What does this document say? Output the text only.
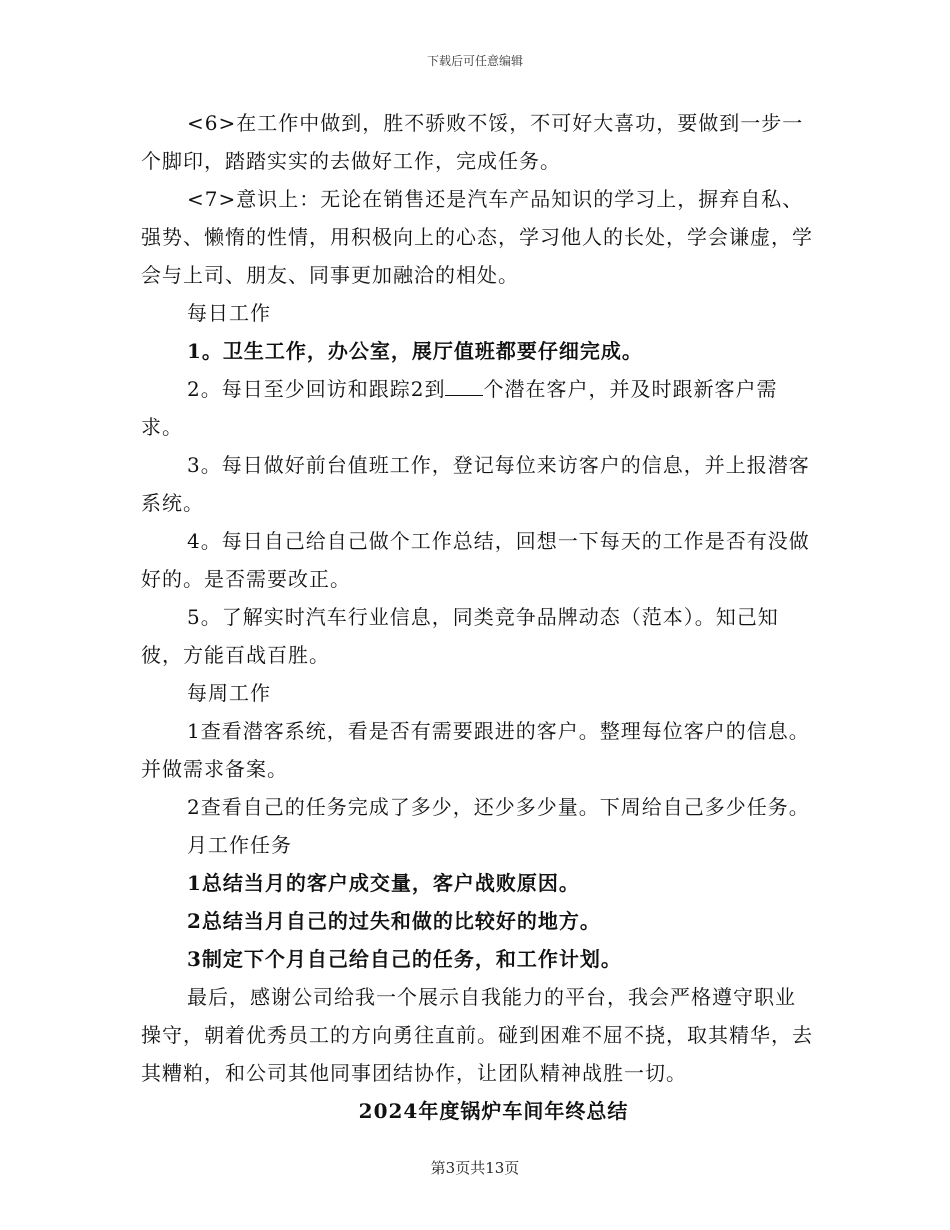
下载后可任意编辑

<6>在工作中做到，胜不骄败不馁，不可好大喜功，要做到一步一个脚印，踏踏实实的去做好工作，完成任务。

<7>意识上：无论在销售还是汽车产品知识的学习上，摒弃自私、强势、懒惰的性情，用积极向上的心态，学习他人的长处，学会谦虚，学会与上司、朋友、同事更加融洽的相处。

每日工作

1。卫生工作，办公室，展厅值班都要仔细完成。

2。每日至少回访和跟踪2到 个潜在客户，并及时跟新客户需求。

3。每日做好前台值班工作，登记每位来访客户的信息，并上报潜客系统。

4。每日自己给自己做个工作总结，回想一下每天的工作是否有没做好的。是否需要改正。

5。了解实时汽车行业信息，同类竞争品牌动态（范本）。知己知彼，方能百战百胜。

每周工作

1查看潜客系统，看是否有需要跟进的客户。整理每位客户的信息。并做需求备案。

2查看自己的任务完成了多少，还少多少量。下周给自己多少任务。

月工作任务

1总结当月的客户成交量，客户战败原因。

2总结当月自己的过失和做的比较好的地方。

3制定下个月自己给自己的任务，和工作计划。

最后，感谢公司给我一个展示自我能力的平台，我会严格遵守职业操守，朝着优秀员工的方向勇往直前。碰到困难不屈不挠，取其精华，去其糟粕，和公司其他同事团结协作，让团队精神战胜一切。

2024年度锅炉车间年终总结

第3页共13页
